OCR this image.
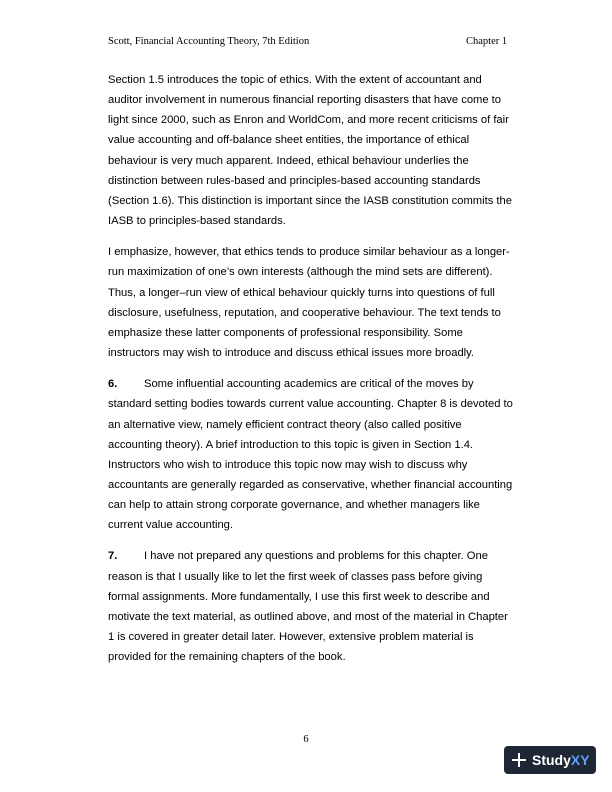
Scott, Financial Accounting Theory, 7th Edition	Chapter 1

Section 1.5 introduces the topic of ethics. With the extent of accountant and auditor involvement in numerous financial reporting disasters that have come to light since 2000, such as Enron and WorldCom, and more recent criticisms of fair value accounting and off-balance sheet entities, the importance of ethical behaviour is very much apparent. Indeed, ethical behaviour underlies the distinction between rules-based and principles-based accounting standards (Section 1.6). This distinction is important since the IASB constitution commits the IASB to principles-based standards.

I emphasize, however, that ethics tends to produce similar behaviour as a longer-run maximization of one’s own interests (although the mind sets are different). Thus, a longer–run view of ethical behaviour quickly turns into questions of full disclosure, usefulness, reputation, and cooperative behaviour. The text tends to emphasize these latter components of professional responsibility. Some instructors may wish to introduce and discuss ethical issues more broadly.

6. Some influential accounting academics are critical of the moves by standard setting bodies towards current value accounting. Chapter 8 is devoted to an alternative view, namely efficient contract theory (also called positive accounting theory). A brief introduction to this topic is given in Section 1.4. Instructors who wish to introduce this topic now may wish to discuss why accountants are generally regarded as conservative, whether financial accounting can help to attain strong corporate governance, and whether managers like current value accounting.

7. I have not prepared any questions and problems for this chapter. One reason is that I usually like to let the first week of classes pass before giving formal assignments. More fundamentally, I use this first week to describe and motivate the text material, as outlined above, and most of the material in Chapter 1 is covered in greater detail later. However, extensive problem material is provided for the remaining chapters of the book.

6
StudyXY
